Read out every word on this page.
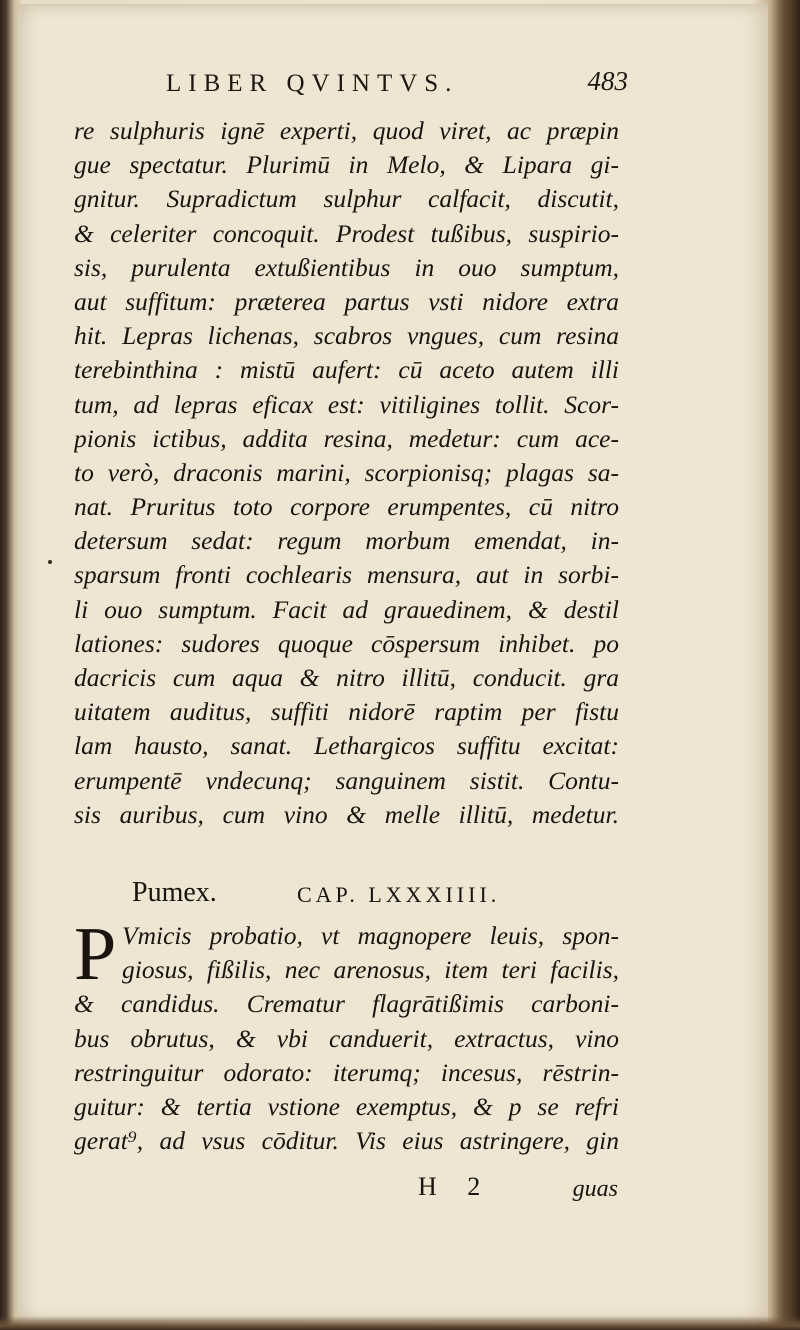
LIBER QVINTVS.	483
re sulphuris ignē experti, quod viret, ac præpin
gue spectatur. Plurimū in Melo, & Lipara gi-
gnitur. Supradictum sulphur calfacit, discutit,
& celeriter concoquit. Prodest tußibus, suspirio-
sis, purulenta extußientibus in ouo sumptum,
aut suffitum: præterea partus vsti nidore extra
hit. Lepras lichenas, scabros vngues, cum resina
terebinthina : mistū aufert: cū aceto autem illi
tum, ad lepras eficax est: vitiligines tollit. Scor-
pionis ictibus, addita resina, medetur: cum ace-
to verò, draconis marini, scorpionisq; plagas sa-
nat. Pruritus toto corpore erumpentes, cū nitro
detersum sedat: regum morbum emendat, in-
sparsum fronti cochlearis mensura, aut in sorbi-
li ouo sumptum. Facit ad grauedinem, & destil
lationes: sudores quoque cōspersum inhibet. po
dacricis cum aqua & nitro illitū, conducit. gra
uitatem auditus, suffiti nidorē raptim per fistu
lam hausto, sanat. Lethargicos suffitu excitat:
erumpentē vndecunq; sanguinem sistit. Contu-
sis auribus, cum vino & melle illitū, medetur.
Pumex.	CAP. LXXXIIII.
P Vmicis probatio, vt magnopere leuis, spon-
giosus, fißilis, nec arenosus, item teri facilis,
& candidus. Crematur flagrātißimis carboni-
bus obrutus, & vbi canduerit, extractus, vino
restringuitur odorato: iterumq; incesus, rēstrin-
guitur: & tertia vstione exemptus, & p se refri
gerat⁹, ad vsus cōditur. Vis eius astringere, gin
H 2	guas
